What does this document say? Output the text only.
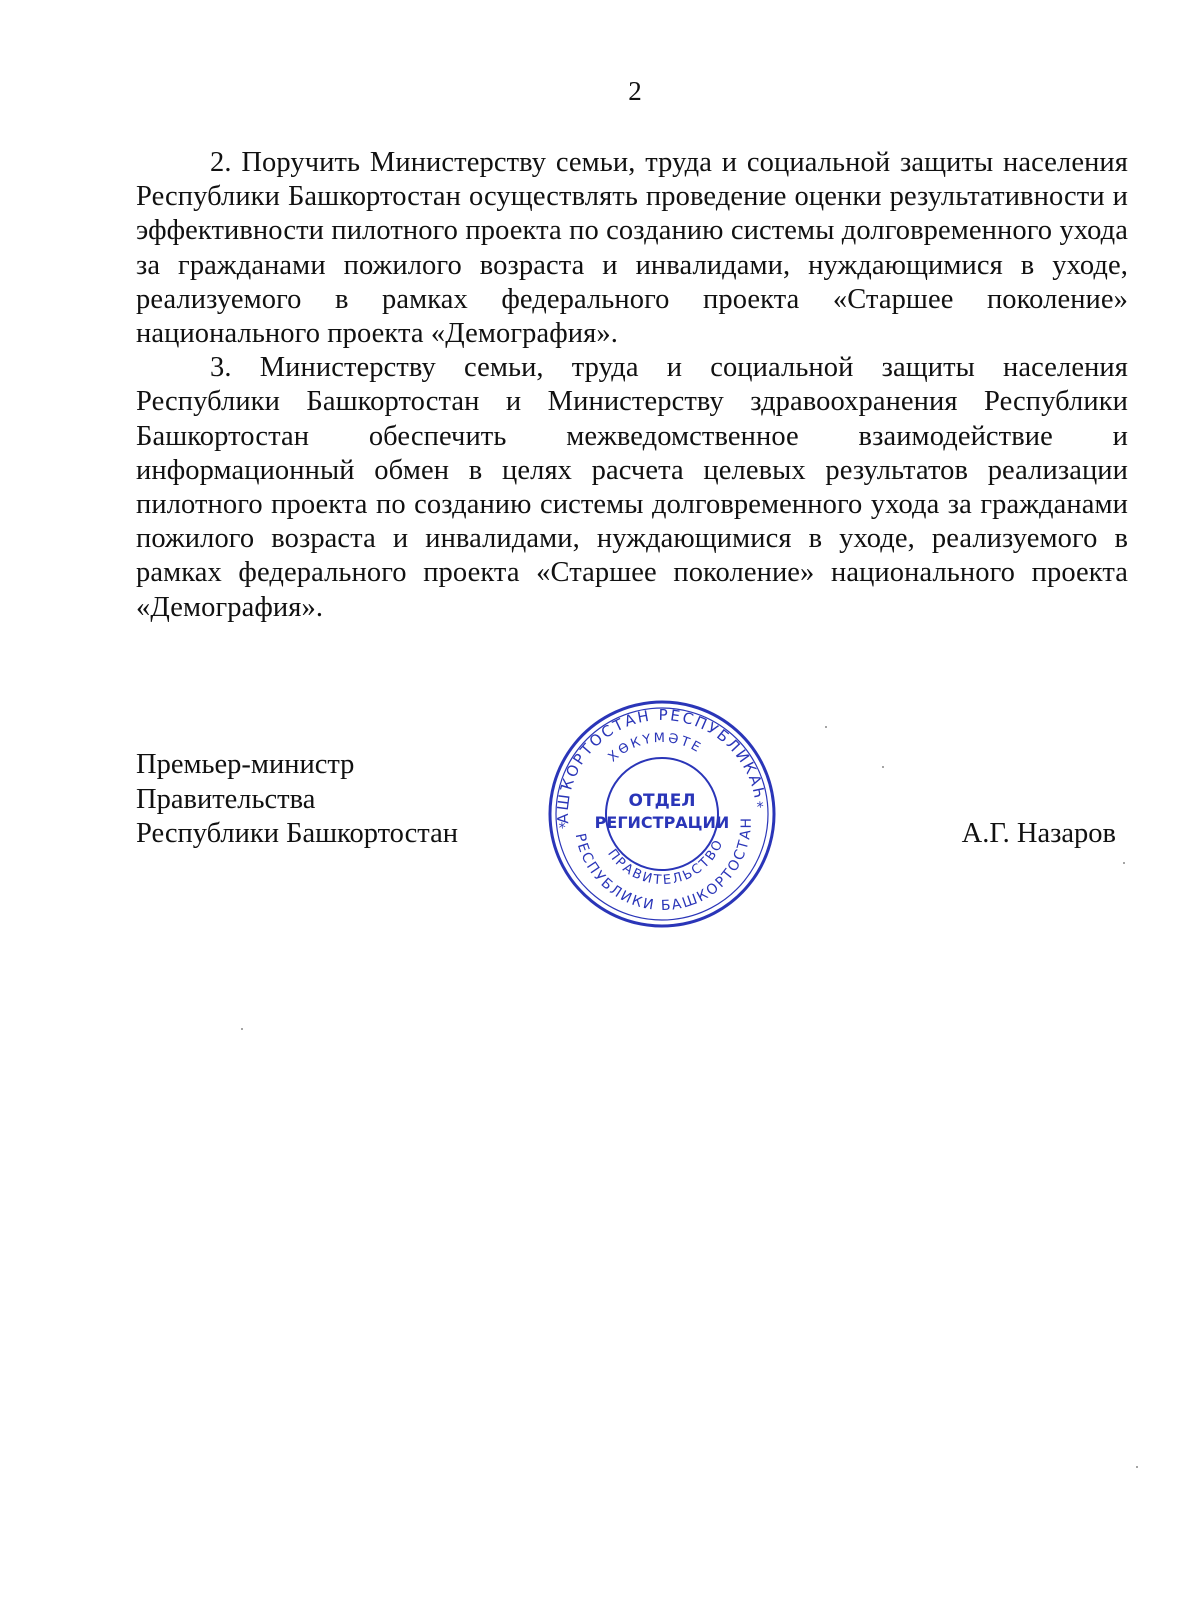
2

2. Поручить Министерству семьи, труда и социальной защиты населения Республики Башкортостан осуществлять проведение оценки результативности и эффективности пилотного проекта по созданию системы долговременного ухода за гражданами пожилого возраста и инвалидами, нуждающимися в уходе, реализуемого в рамках федерального проекта «Старшее поколение» национального проекта «Демография».

3. Министерству семьи, труда и социальной защиты населения Республики Башкортостан и Министерству здравоохранения Республики Башкортостан обеспечить межведомственное взаимодействие и информационный обмен в целях расчета целевых результатов реализации пилотного проекта по созданию системы долговременного ухода за гражданами пожилого возраста и инвалидами, нуждающимися в уходе, реализуемого в рамках федерального проекта «Старшее поколение» национального проекта «Демография».

Премьер-министр
Правительства
Республики Башкортостан	А.Г. Назаров
БАШҠОРТОСТАН РЕСПУБЛИКАҺЫ
ХӨКҮМӘТЕ
ПРАВИТЕЛЬСТВО
РЕСПУБЛИКИ БАШКОРТОСТАН
*
*
ОТДЕЛ
РЕГИСТРАЦИИ
